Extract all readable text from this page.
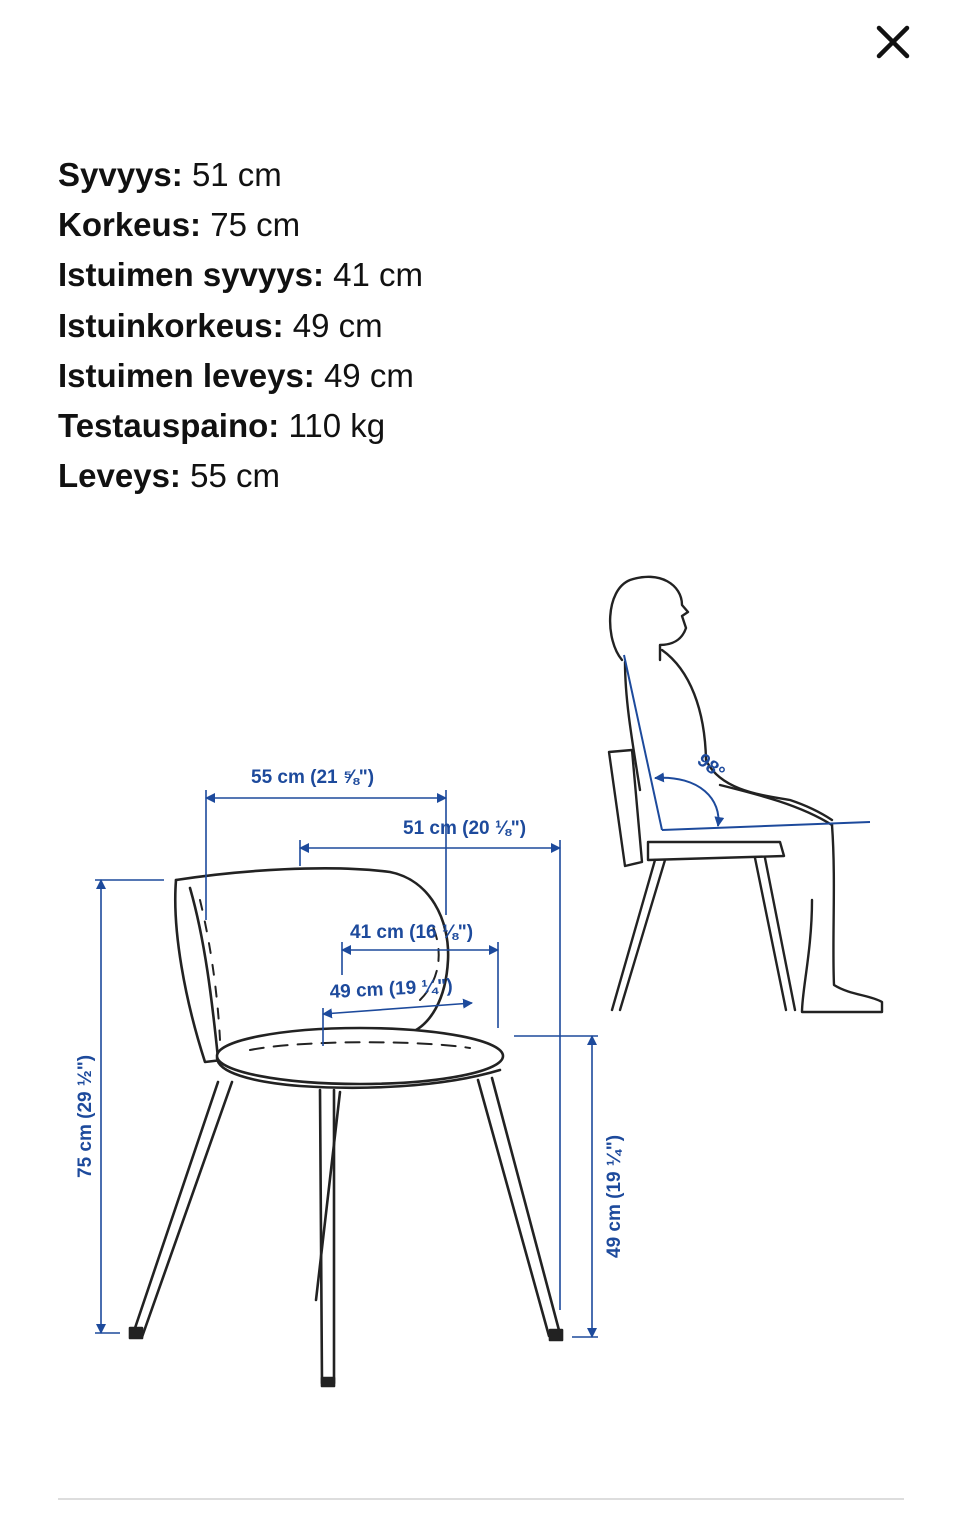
Syvyys: 51 cm
Korkeus: 75 cm
Istuimen syvyys: 41 cm
Istuinkorkeus: 49 cm
Istuimen leveys: 49 cm
Testauspaino: 110 kg
Leveys: 55 cm
98°
55 cm (21 ⅝")
51 cm (20 ⅛")
41 cm (16 ⅛")
49 cm (19 ¼")
75 cm (29 ½")
49 cm (19 ¼")
